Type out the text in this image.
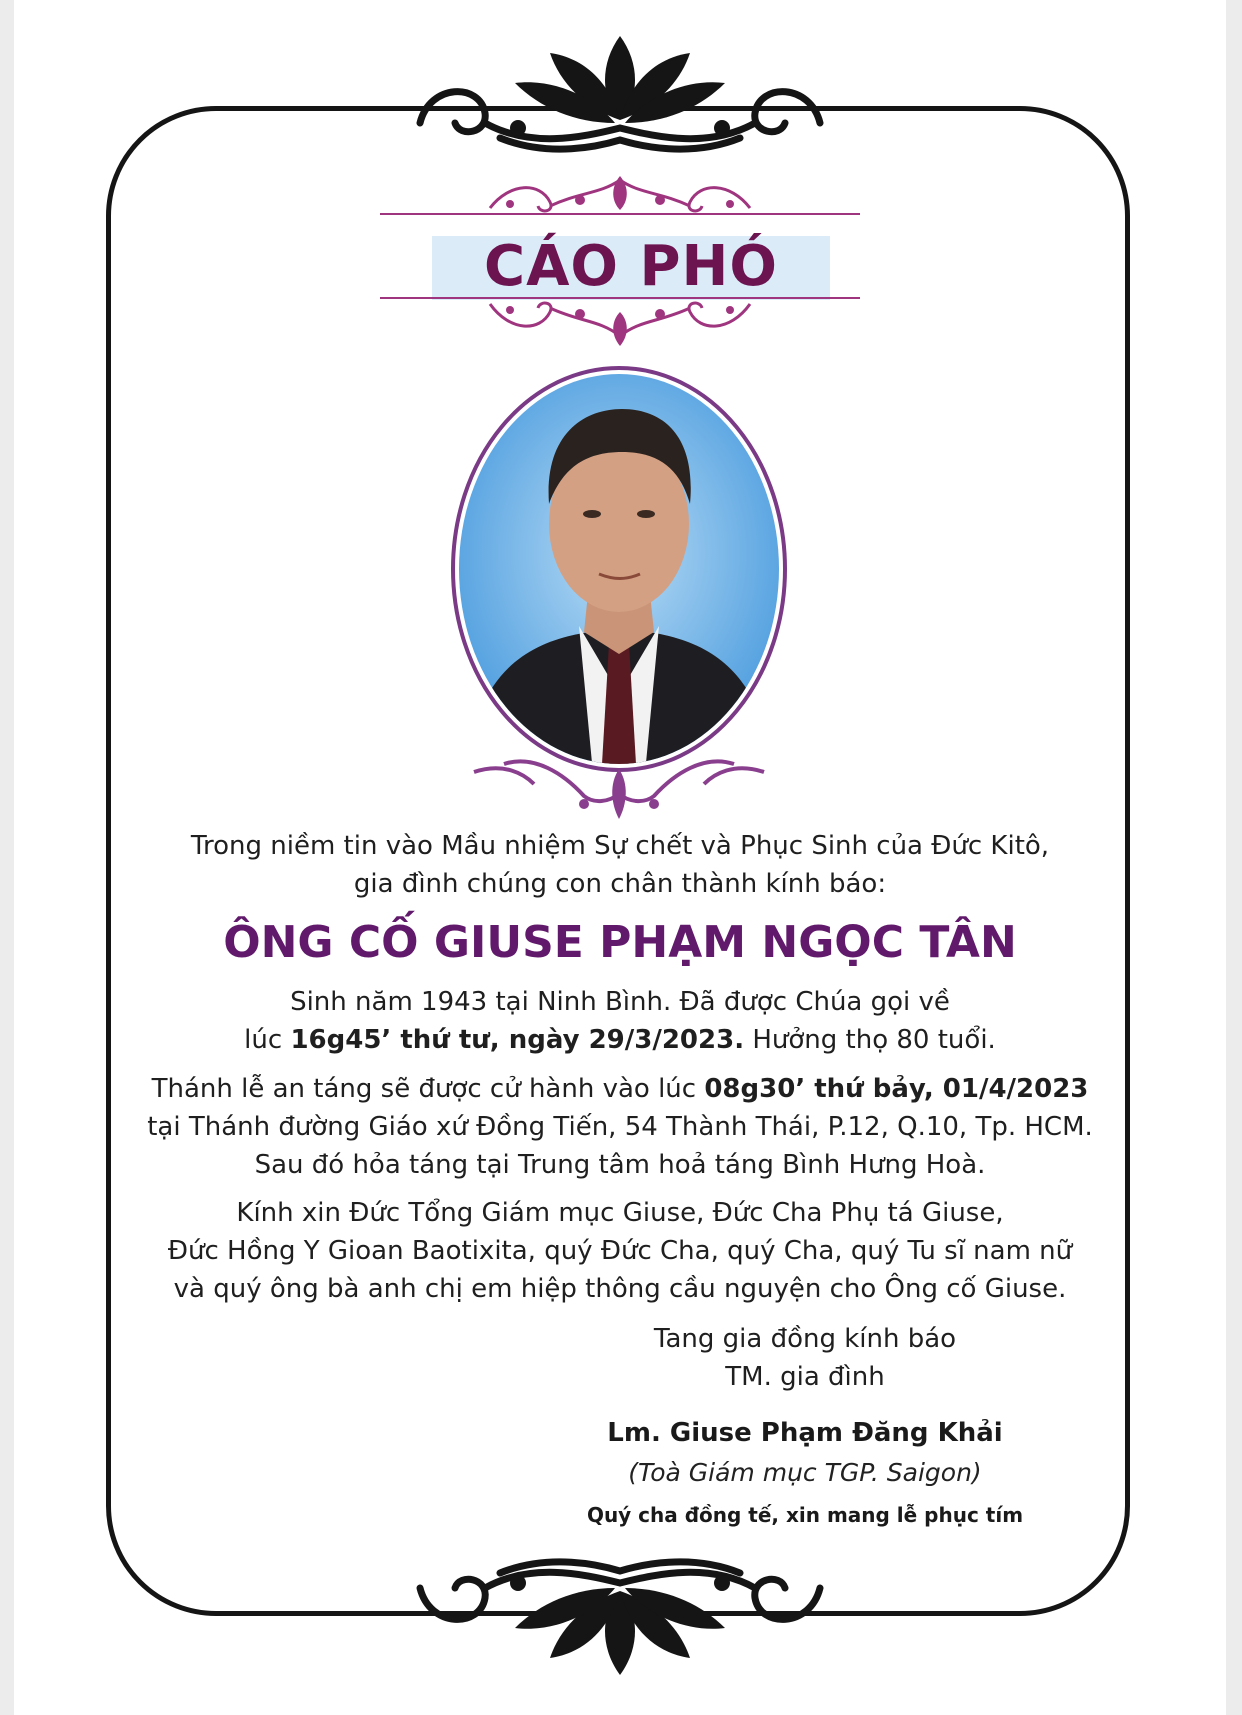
CÁO PHÓ

Trong niềm tin vào Mầu nhiệm Sự chết và Phục Sinh của Đức Kitô,

gia đình chúng con chân thành kính báo:

ÔNG CỐ GIUSE PHẠM NGỌC TÂN

Sinh năm 1943 tại Ninh Bình. Đã được Chúa gọi về

lúc 16g45’ thứ tư, ngày 29/3/2023. Hưởng thọ 80 tuổi.

Thánh lễ an táng sẽ được cử hành vào lúc 08g30’ thứ bảy, 01/4/2023

tại Thánh đường Giáo xứ Đồng Tiến, 54 Thành Thái, P.12, Q.10, Tp. HCM.

Sau đó hỏa táng tại Trung tâm hoả táng Bình Hưng Hoà.

Kính xin Đức Tổng Giám mục Giuse, Đức Cha Phụ tá Giuse,

Đức Hồng Y Gioan Baotixita, quý Đức Cha, quý Cha, quý Tu sĩ nam nữ

và quý ông bà anh chị em hiệp thông cầu nguyện cho Ông cố Giuse.

Tang gia đồng kính báo

TM. gia đình

Lm. Giuse Phạm Đăng Khải
(Toà Giám mục TGP. Saigon)
Quý cha đồng tế, xin mang lễ phục tím
